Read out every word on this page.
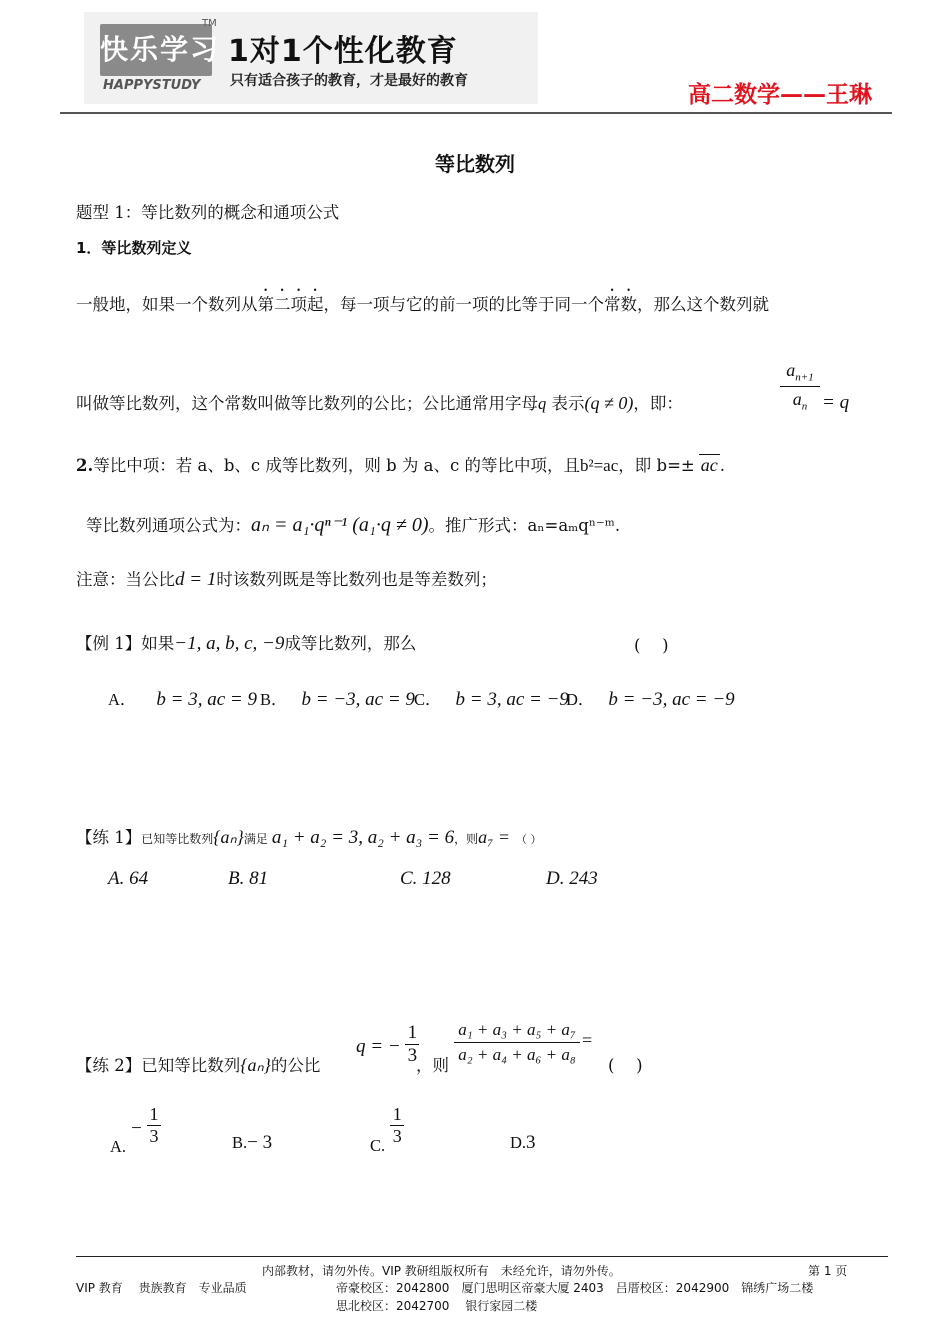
快乐学习
TM
HAPPYSTUDY
1对1个性化教育
只有适合孩子的教育，才是最好的教育
高二数学——王琳
等比数列
题型 1：等比数列的概念和通项公式
1．等比数列定义
一般地，如果一个数列从第二项起，每一项与它的前一项的比等于同一个常数，那么这个数列就
叫做等比数列，这个常数叫做等比数列的公比；公比通常用字母q 表示(q ≠ 0)，即：	$\frac{a_{n+1}}{a_n} = q$
2.等比中项：若 a、b、c 成等比数列，则 b 为 a、c 的等比中项，且b²=ac，即 b=± ac .
等比数列通项公式为：aₙ = a₁·qⁿ⁻¹ (a₁·q ≠ 0)。推广形式：aₙ=aₘqⁿ⁻ᵐ.
注意：当公比d = 1时该数列既是等比数列也是等差数列；
【例 1】如果−1, a, b, c, −9成等比数列，那么	(　 )
A． b = 3, ac = 9 B． b = −3, ac = 9 C． b = 3, ac = −9
D． b = −3, ac = −9
【练 1】已知等比数列{aₙ}满足 a₁ + a₂ = 3, a₂ + a₃ = 6，则a₇ = （ ）
A. 64	B. 81	C. 128	D. 243
【练 2】已知等比数列{aₙ}的公比
q = − $\frac{1}{3}$
，则
a₁ + a₃ + a₅ + a₇
a₂ + a₄ + a₆ + a₈
=
(　 )
A. − $\frac{1}{3}$	B.− 3	C. $\frac{1}{3}$	D.3
内部教材，请勿外传。VIP 教研组版权所有　未经允许，请勿外传。	第 1 页
VIP 教育　 贵族教育　专业品质	帝豪校区：2042800　厦门思明区帝豪大厦 2403　吕厝校区：2042900　锦绣广场二楼
思北校区：2042700　 银行家园二楼
